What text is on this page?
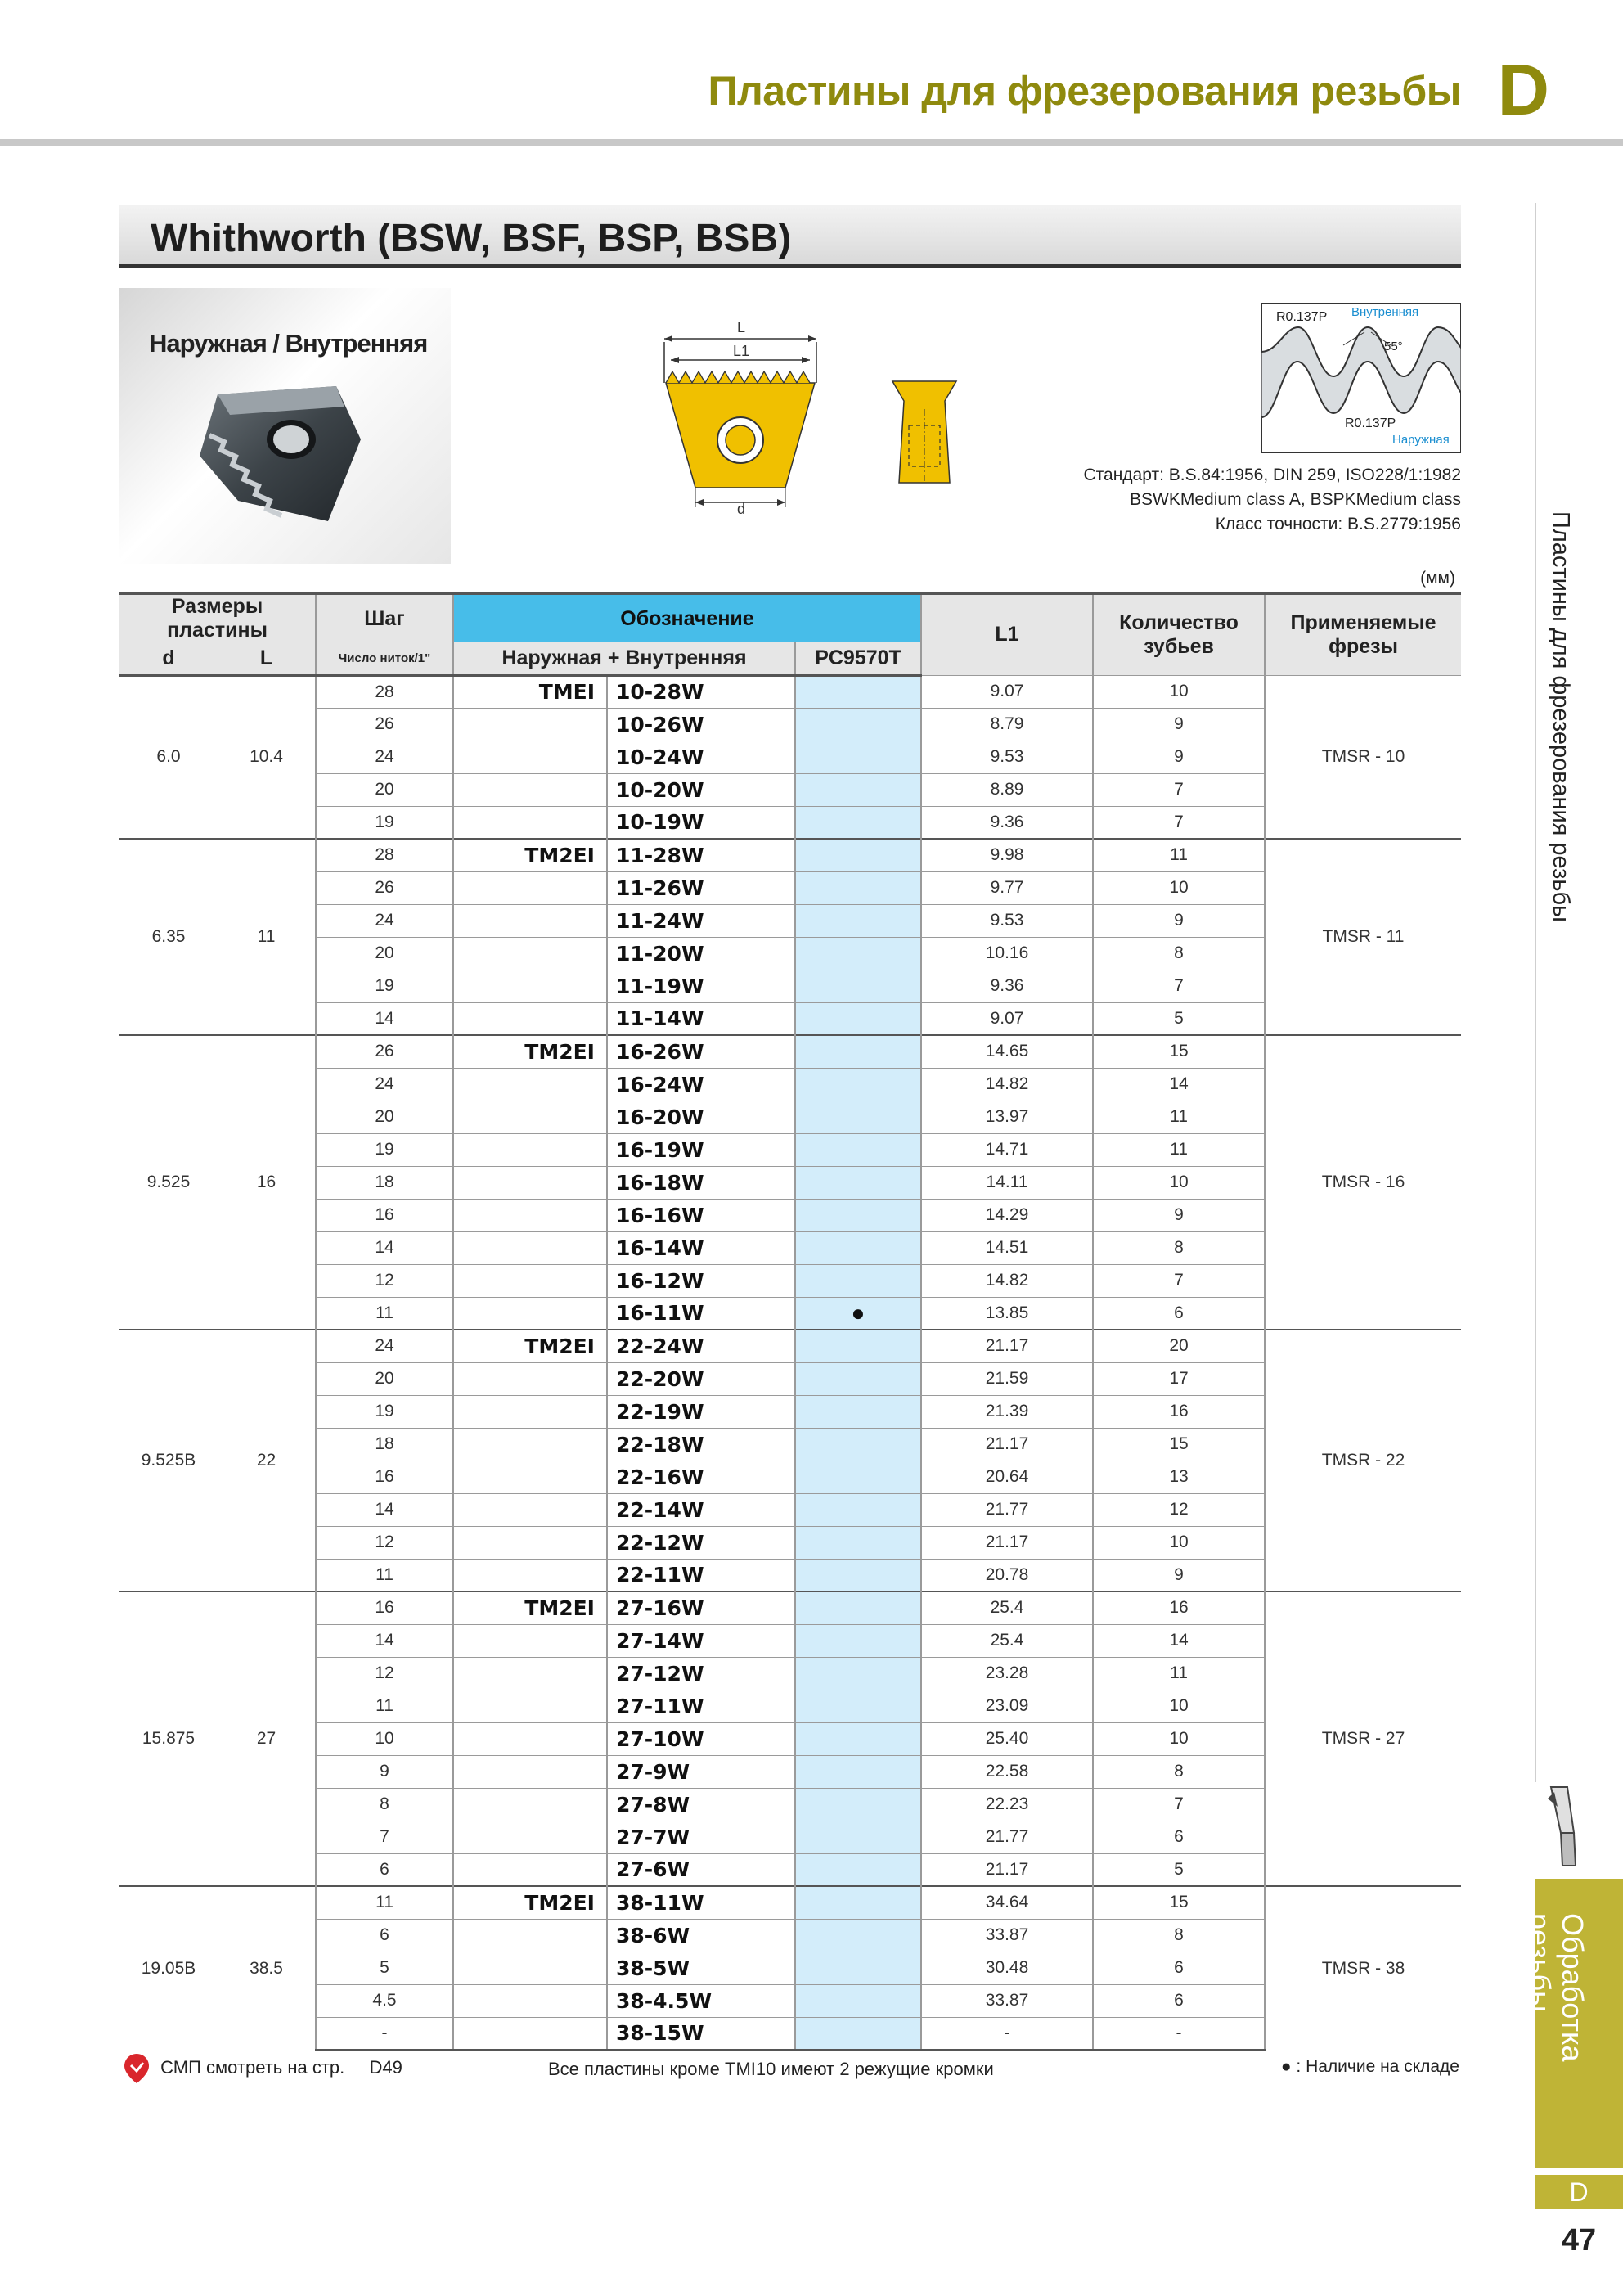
Пластины для фрезерования резьбы D
Whithworth (BSW, BSF, BSP, BSB)
Наружная / Внутренняя
L
L1
d
R0.137P Внутренняя
55°
R0.137P
Наружная
Стандарт: B.S.84:1956, DIN 259, ISO228/1:1982
BSWKMedium class A, BSPKMedium class
Класс точности: B.S.2779:1956
(мм)
Размеры пластины		Шаг	Обозначение			L1	Количество зубьев	Применяемые фрезы
d	L	Число ниток/1"	Наружная + Внутренняя		PC9570T			
6.0	10.4	28	TMEI	10-28W		9.07	10	TMSR - 10
		26		10-26W		8.79	9	
		24		10-24W		9.53	9	
		20		10-20W		8.89	7	
		19		10-19W		9.36	7	
6.35	11	28	TM2EI	11-28W		9.98	11	TMSR - 11
		26		11-26W		9.77	10	
		24		11-24W		9.53	9	
		20		11-20W		10.16	8	
		19		11-19W		9.36	7	
		14		11-14W		9.07	5	
9.525	16	26	TM2EI	16-26W		14.65	15	TMSR - 16
		24		16-24W		14.82	14	
		20		16-20W		13.97	11	
		19		16-19W		14.71	11	
		18		16-18W		14.11	10	
		16		16-16W		14.29	9	
		14		16-14W		14.51	8	
		12		16-12W		14.82	7	
		11		16-11W	●	13.85	6	
9.525B	22	24	TM2EI	22-24W		21.17	20	TMSR - 22
		20		22-20W		21.59	17	
		19		22-19W		21.39	16	
		18		22-18W		21.17	15	
		16		22-16W		20.64	13	
		14		22-14W		21.77	12	
		12		22-12W		21.17	10	
		11		22-11W		20.78	9	
15.875	27	16	TM2EI	27-16W		25.4	16	TMSR - 27
		14		27-14W		25.4	14	
		12		27-12W		23.28	11	
		11		27-11W		23.09	10	
		10		27-10W		25.40	10	
		9		27-9W		22.58	8	
		8		27-8W		22.23	7	
		7		27-7W		21.77	6	
		6		27-6W		21.17	5	
19.05B	38.5	11	TM2EI	38-11W		34.64	15	TMSR - 38
		6		38-6W		33.87	8	
		5		38-5W		30.48	6	
		4.5		38-4.5W		33.87	6	
		-		38-15W		-	-	
СМП смотреть на стр. D49	Все пластины кроме TMI10 имеют 2 режущие кромки	● : Наличие на складе
Пластины для фрезерования резьбы
Обработка
резьбы
D
47
